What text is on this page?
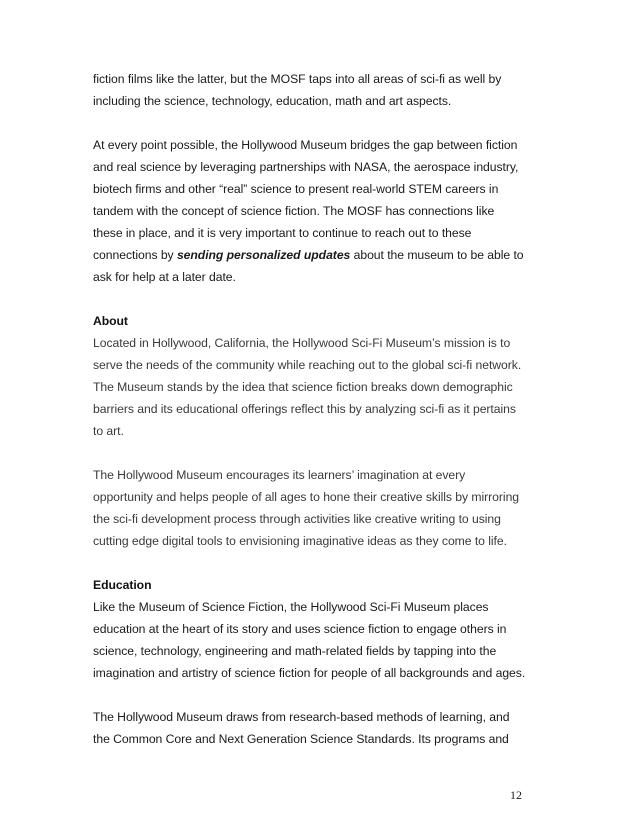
fiction films like the latter, but the MOSF taps into all areas of sci-fi as well by
including the science, technology, education, math and art aspects.
At every point possible, the Hollywood Museum bridges the gap between fiction
and real science by leveraging partnerships with NASA, the aerospace industry,
biotech firms and other “real” science to present real-world STEM careers in
tandem with the concept of science fiction. The MOSF has connections like
these in place, and it is very important to continue to reach out to these
connections by sending personalized updates about the museum to be able to
ask for help at a later date.
About
Located in Hollywood, California, the Hollywood Sci-Fi Museum’s mission is to
serve the needs of the community while reaching out to the global sci-fi network.
The Museum stands by the idea that science fiction breaks down demographic
barriers and its educational offerings reflect this by analyzing sci-fi as it pertains
to art.
The Hollywood Museum encourages its learners’ imagination at every
opportunity and helps people of all ages to hone their creative skills by mirroring
the sci-fi development process through activities like creative writing to using
cutting edge digital tools to envisioning imaginative ideas as they come to life.
Education
Like the Museum of Science Fiction, the Hollywood Sci-Fi Museum places
education at the heart of its story and uses science fiction to engage others in
science, technology, engineering and math-related fields by tapping into the
imagination and artistry of science fiction for people of all backgrounds and ages.
The Hollywood Museum draws from research-based methods of learning, and
the Common Core and Next Generation Science Standards. Its programs and
12
